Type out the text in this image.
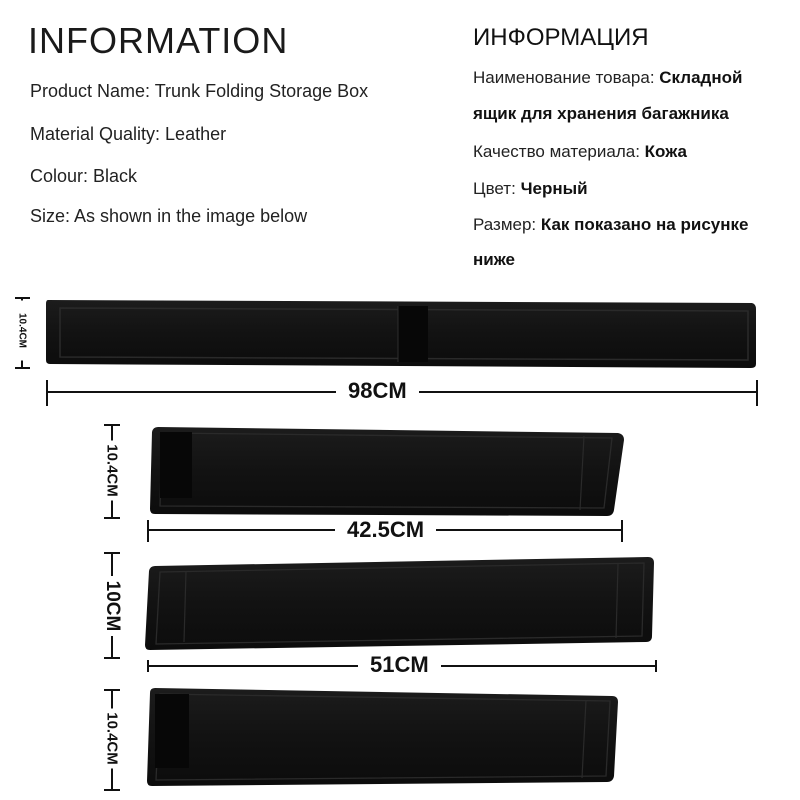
INFORMATION
Product Name: Trunk Folding Storage Box
Material Quality: Leather
Colour: Black
Size: As shown in the image below
ИНФОРМАЦИЯ
Наименование товара: Складной
ящик для хранения багажника
Качество материала: Кожа
Цвет: Черный
Размер: Как показано на рисунке
ниже
98CM
42.5CM
51CM
10.4CM
10.4CM
10CM
10.4CM
